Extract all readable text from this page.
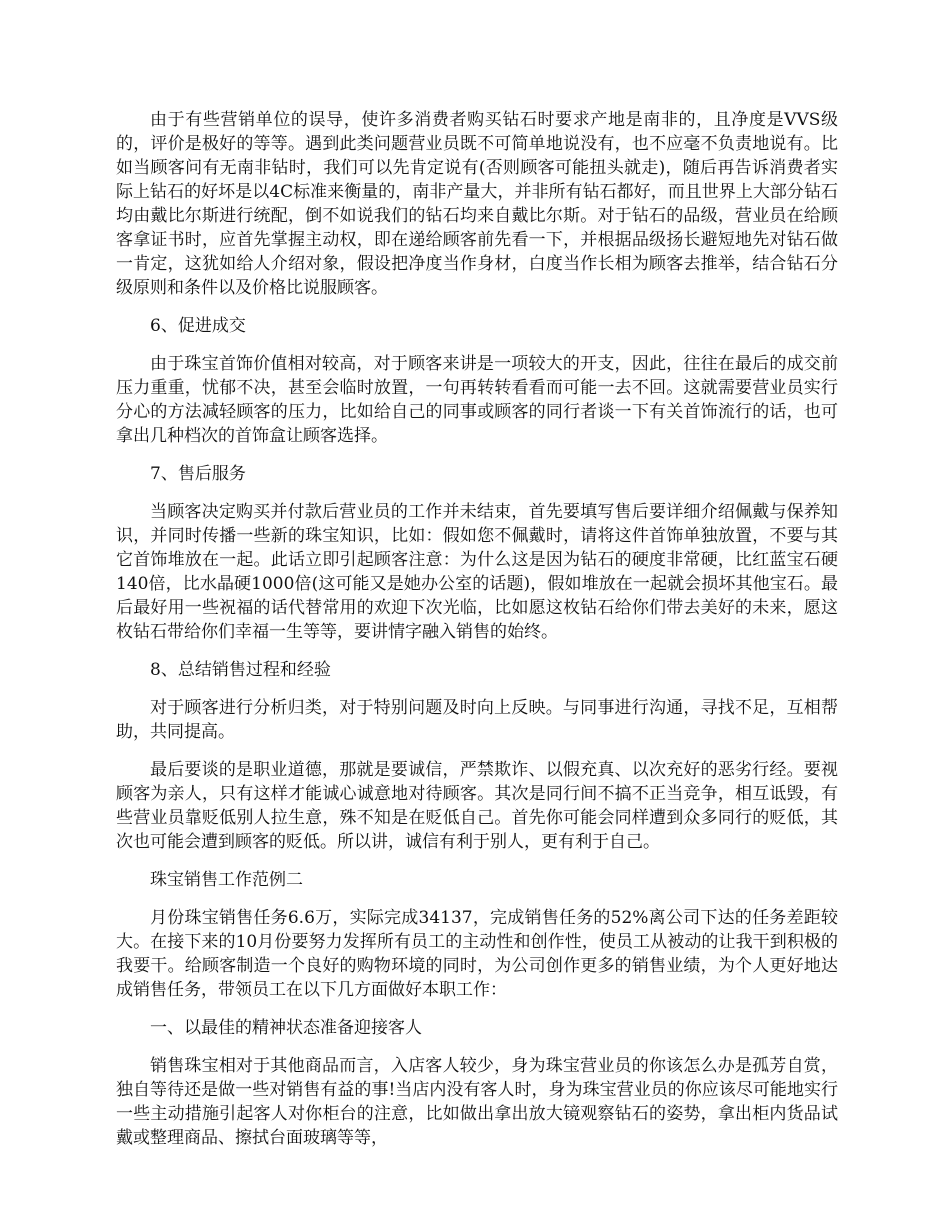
由于有些营销单位的误导，使许多消费者购买钻石时要求产地是南非的，且净度是VVS级的，评价是极好的等等。遇到此类问题营业员既不可简单地说没有，也不应毫不负责地说有。比如当顾客问有无南非钻时，我们可以先肯定说有(否则顾客可能扭头就走)，随后再告诉消费者实际上钻石的好坏是以4C标准来衡量的，南非产量大，并非所有钻石都好，而且世界上大部分钻石均由戴比尔斯进行统配，倒不如说我们的钻石均来自戴比尔斯。对于钻石的品级，营业员在给顾客拿证书时，应首先掌握主动权，即在递给顾客前先看一下，并根据品级扬长避短地先对钻石做一肯定，这犹如给人介绍对象，假设把净度当作身材，白度当作长相为顾客去推举，结合钻石分级原则和条件以及价格比说服顾客。

6、促进成交

由于珠宝首饰价值相对较高，对于顾客来讲是一项较大的开支，因此，往往在最后的成交前压力重重，忧郁不决，甚至会临时放置，一句再转转看看而可能一去不回。这就需要营业员实行分心的方法减轻顾客的压力，比如给自己的同事或顾客的同行者谈一下有关首饰流行的话，也可拿出几种档次的首饰盒让顾客选择。

7、售后服务

当顾客决定购买并付款后营业员的工作并未结束，首先要填写售后要详细介绍佩戴与保养知识，并同时传播一些新的珠宝知识，比如：假如您不佩戴时，请将这件首饰单独放置，不要与其它首饰堆放在一起。此话立即引起顾客注意：为什么这是因为钻石的硬度非常硬，比红蓝宝石硬140倍，比水晶硬1000倍(这可能又是她办公室的话题)，假如堆放在一起就会损坏其他宝石。最后最好用一些祝福的话代替常用的欢迎下次光临，比如愿这枚钻石给你们带去美好的未来，愿这枚钻石带给你们幸福一生等等，要讲情字融入销售的始终。

8、总结销售过程和经验

对于顾客进行分析归类，对于特别问题及时向上反映。与同事进行沟通，寻找不足，互相帮助，共同提高。

最后要谈的是职业道德，那就是要诚信，严禁欺诈、以假充真、以次充好的恶劣行经。要视顾客为亲人，只有这样才能诚心诚意地对待顾客。其次是同行间不搞不正当竞争，相互诋毁，有些营业员靠贬低别人拉生意，殊不知是在贬低自己。首先你可能会同样遭到众多同行的贬低，其次也可能会遭到顾客的贬低。所以讲，诚信有利于别人，更有利于自己。

珠宝销售工作范例二

月份珠宝销售任务6.6万，实际完成34137，完成销售任务的52%离公司下达的任务差距较大。在接下来的10月份要努力发挥所有员工的主动性和创作性，使员工从被动的让我干到积极的我要干。给顾客制造一个良好的购物环境的同时，为公司创作更多的销售业绩，为个人更好地达成销售任务，带领员工在以下几方面做好本职工作：

一、以最佳的精神状态准备迎接客人

销售珠宝相对于其他商品而言，入店客人较少，身为珠宝营业员的你该怎么办是孤芳自赏，独自等待还是做一些对销售有益的事!当店内没有客人时，身为珠宝营业员的你应该尽可能地实行一些主动措施引起客人对你柜台的注意，比如做出拿出放大镜观察钻石的姿势，拿出柜内货品试戴或整理商品、擦拭台面玻璃等等，
